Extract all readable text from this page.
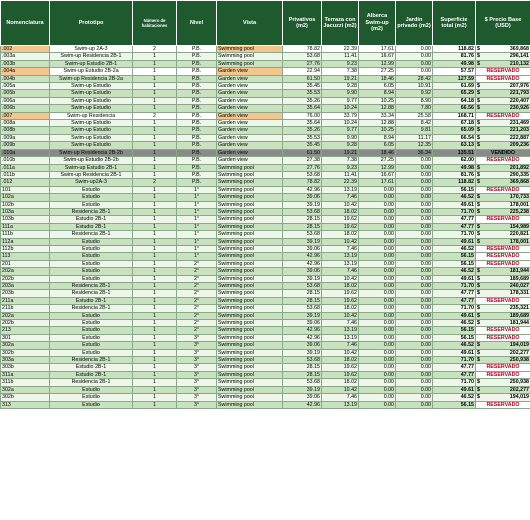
Nomenclatura	Prototipo	Número de habitaciones	Nivel	Vista	Privativos (m2)	Terraza con Jacuzzi (m2)	Alberca Swim-up (m2)	Jardín privado (m2)	Superficie total (m2)	$ Precio Base (USD)
.002	Swim-up 2A-3	2	P.B.	Swimming pool	78.82	22.39	17.61	0.00	118.82	$ 369,868
.003a	Swim-up Residencia 2B-1	1	P.B.	Swimming pool	53.68	11.41	16.67	0.00	81.76	$ 296,141
.003b	Swim-up Estudio 2B-1	1	P.B.	Swimming pool	27.76	9.23	12.99	0.00	49.98	$ 210,132
.004a	Swim-up Estudio 2B-2a	1	P.B.	Garden view	22.94	7.38	27.25	0.00	57.57	RESERVADO
.004b	Swim-up Residencia 2B-2a	1	P.B.	Garden view	61.50	19.21	18.46	28.42	127.59	RESERVADO
.005a	Swim-up Estudio	1	P.B.	Garden view	35.45	9.28	6.05	10.91	61.69	$ 207,976
.005b	Swim-up Estudio	1	P.B.	Garden view	35.53	9.90	8.94	9.92	65.29	$ 221,793
.006a	Swim-up Estudio	1	P.B.	Garden view	35.26	9.77	10.25	8.90	64.18	$ 220,407
.006b	Swim-up Estudio	1	P.B.	Garden view	35.64	10.24	12.88	7.80	66.56	$ 230,926
.007	Swim-up Residencia	2	P.B.	Garden view	76.00	33.79	33.34	25.58	168.71	RESERVADO
.008a	Swim-up Estudio	1	P.B.	Garden view	35.64	10.24	12.88	8.42	67.18	$ 231,469
.008b	Swim-up Estudio	1	P.B.	Garden view	35.26	9.77	10.25	9.81	65.09	$ 221,203
.009a	Swim-up Estudio	1	P.B.	Garden view	35.53	9.90	8.94	11.17	66.54	$ 222,887
.009b	Swim-up Estudio	1	P.B.	Garden view	35.45	9.28	6.05	12.35	63.13	$ 209,236
.010a	Swim-up Residencia 2B-2b	1	P.B.	Garden view	61.50	19.21	18.46	36.34	135.51	VENDIDO
.010b	Swim-up Estudio 2B-2b	1	P.B.	Garden view	27.38	7.38	27.25	0.00	62.00	RESERVADO
.011a	Swim-up Estudio 2B-1	1	P.B.	Swimming pool	27.76	9.23	12.99	0.00	49.98	$ 201,892
.011b	Swim-up Residencia 2B-1	1	P.B.	Swimming pool	53.68	11.41	16.67	0.00	81.76	$ 290,335
.012	Swim-up2A-3	2	P.B.	Swimming pool	78.82	22.39	17.61	0.00	118.82	$ 369,868
101	Estudio	1	1°	Swimming pool	42.96	13.19	0.00	0.00	56.15	RESERVADO
102a	Estudio	1	1°	Swimming pool	39.06	7.46	0.00	0.00	46.52	$ 170,733
102b	Estudio	1	1°	Swimming pool	39.19	10.42	0.00	0.00	49.61	$ 178,001
103a	Residencia 2B-1	1	1°	Swimming pool	53.68	18.02	0.00	0.00	71.70	$ 225,238
103b	Estudio 2B-1	1	1°	Swimming pool	28.15	19.62	0.00	0.00	47.77	RESERVADO
111a	Estudio 2B-1	1	1°	Swimming pool	28.15	19.62	0.00	0.00	47.77	$ 154,989
111b	Residencia 2B-1	1	1°	Swimming pool	53.68	18.02	0.00	0.00	71.70	$ 220,821
112a	Estudio	1	1°	Swimming pool	39.19	10.42	0.00	0.00	49.61	$ 178,001
112b	Estudio	1	1°	Swimming pool	39.06	7.46	0.00	0.00	46.52	RESERVADO
113	Estudio	1	1°	Swimming pool	42.96	13.19	0.00	0.00	56.15	RESERVADO
201	Estudio	1	2°	Swimming pool	42.96	13.19	0.00	0.00	56.15	RESERVADO
202a	Estudio	1	2°	Swimming pool	39.06	7.46	0.00	0.00	46.52	$ 181,944
202b	Estudio	1	2°	Swimming pool	39.19	10.42	0.00	0.00	49.61	$ 189,689
203a	Residencia 2B-1	1	2°	Swimming pool	53.68	18.02	0.00	0.00	71.70	$ 240,027
203b	Residencia 2B-1	1	2°	Swimming pool	28.15	19.62	0.00	0.00	47.77	$ 178,331
211a	Estudio 2B-1	1	2°	Swimming pool	28.15	19.62	0.00	0.00	47.77	RESERVADO
211b	Residencia 2B-1	1	2°	Swimming pool	53.68	18.02	0.00	0.00	71.70	$ 235,321
202a	Estudio	1	2°	Swimming pool	39.19	10.42	0.00	0.00	49.61	$ 189,689
202b	Estudio	1	2°	Swimming pool	39.06	7.46	0.00	0.00	46.52	$ 181,944
213	Estudio	1	2°	Swimming pool	42.96	13.19	0.00	0.00	56.15	RESERVADO
301	Estudio	1	3°	Swimming pool	42.96	13.19	0.00	0.00	56.15	RESERVADO
302a	Estudio	1	3°	Swimming pool	39.06	7.46	0.00	0.00	46.52	$ 194,019
302b	Estudio	1	3°	Swimming pool	39.19	10.42	0.00	0.00	49.61	$ 202,277
303a	Residencia 2B-1	1	3°	Swimming pool	53.68	18.02	0.00	0.00	71.70	$ 250,938
303b	Estudio 2B-1	1	3°	Swimming pool	28.15	19.62	0.00	0.00	47.77	RESERVADO
311a	Estudio 2B-1	1	3°	Swimming pool	28.15	19.62	0.00	0.00	47.77	RESERVADO
311b	Residencia 2B-1	1	3°	Swimming pool	53.68	18.02	0.00	0.00	71.70	$ 250,938
302a	Estudio	1	3°	Swimming pool	39.19	10.42	0.00	0.00	49.61	$ 202,277
302b	Estudio	1	3°	Swimming pool	39.06	7.46	0.00	0.00	46.52	$ 194,019
313	Estudio	1	3°	Swimming pool	42.96	13.19	0.00	0.00	56.15	RESERVADO
